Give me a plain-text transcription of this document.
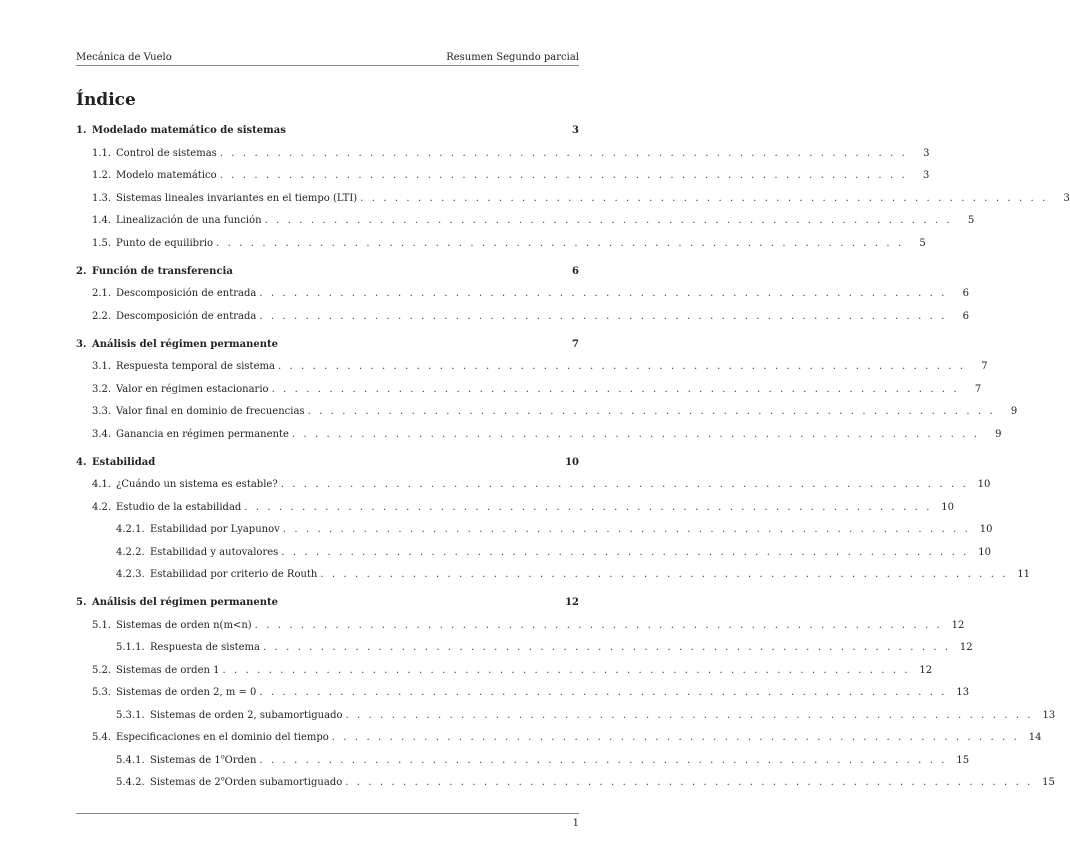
Mecánica de Vuelo	Resumen Segundo parcial
Índice
1. Modelado matemático de sistemas	3
1.1. Control de sistemas . . . . . . . . . . . . . . . . . . . . . . . . . . . . . . . . . . . . . . . . . . . . . . . . . . . . . . . . . . . .	3
1.2. Modelo matemático . . . . . . . . . . . . . . . . . . . . . . . . . . . . . . . . . . . . . . . . . . . . . . . . . . . . . . . . . . . .	3
1.3. Sistemas lineales invariantes en el tiempo (LTI) . . . . . . . . . . . . . . . . . . . . . . . . . . . . . . . . . . . . . . . . . . . . . . . . . . . . . . . . . . . .	3
1.4. Linealización de una función . . . . . . . . . . . . . . . . . . . . . . . . . . . . . . . . . . . . . . . . . . . . . . . . . . . . . . . . . . . .	5
1.5. Punto de equilibrio . . . . . . . . . . . . . . . . . . . . . . . . . . . . . . . . . . . . . . . . . . . . . . . . . . . . . . . . . . . .	5
2. Función de transferencia	6
2.1. Descomposición de entrada . . . . . . . . . . . . . . . . . . . . . . . . . . . . . . . . . . . . . . . . . . . . . . . . . . . . . . . . . . . .	6
2.2. Descomposición de entrada . . . . . . . . . . . . . . . . . . . . . . . . . . . . . . . . . . . . . . . . . . . . . . . . . . . . . . . . . . . .	6
3. Análisis del régimen permanente	7
3.1. Respuesta temporal de sistema . . . . . . . . . . . . . . . . . . . . . . . . . . . . . . . . . . . . . . . . . . . . . . . . . . . . . . . . . . . .	7
3.2. Valor en régimen estacionario . . . . . . . . . . . . . . . . . . . . . . . . . . . . . . . . . . . . . . . . . . . . . . . . . . . . . . . . . . . .	7
3.3. Valor final en dominio de frecuencias . . . . . . . . . . . . . . . . . . . . . . . . . . . . . . . . . . . . . . . . . . . . . . . . . . . . . . . . . . . .	9
3.4. Ganancia en régimen permanente . . . . . . . . . . . . . . . . . . . . . . . . . . . . . . . . . . . . . . . . . . . . . . . . . . . . . . . . . . . .	9
4. Estabilidad	10
4.1. ¿Cuándo un sistema es estable? . . . . . . . . . . . . . . . . . . . . . . . . . . . . . . . . . . . . . . . . . . . . . . . . . . . . . . . . . . . . 10
4.2. Estudio de la estabilidad . . . . . . . . . . . . . . . . . . . . . . . . . . . . . . . . . . . . . . . . . . . . . . . . . . . . . . . . . . . . 10
4.2.1. Estabilidad por Lyapunov . . . . . . . . . . . . . . . . . . . . . . . . . . . . . . . . . . . . . . . . . . . . . . . . . . . . . . . . . . . . 10
4.2.2. Estabilidad y autovalores . . . . . . . . . . . . . . . . . . . . . . . . . . . . . . . . . . . . . . . . . . . . . . . . . . . . . . . . . . . . 10
4.2.3. Estabilidad por criterio de Routh . . . . . . . . . . . . . . . . . . . . . . . . . . . . . . . . . . . . . . . . . . . . . . . . . . . . . . . . . . . . 11
5. Análisis del régimen permanente	12
5.1. Sistemas de orden n(m<n) . . . . . . . . . . . . . . . . . . . . . . . . . . . . . . . . . . . . . . . . . . . . . . . . . . . . . . . . . . . . 12
5.1.1. Respuesta de sistema . . . . . . . . . . . . . . . . . . . . . . . . . . . . . . . . . . . . . . . . . . . . . . . . . . . . . . . . . . . . 12
5.2. Sistemas de orden 1 . . . . . . . . . . . . . . . . . . . . . . . . . . . . . . . . . . . . . . . . . . . . . . . . . . . . . . . . . . . . 12
5.3. Sistemas de orden 2, m = 0 . . . . . . . . . . . . . . . . . . . . . . . . . . . . . . . . . . . . . . . . . . . . . . . . . . . . . . . . . . . . 13
5.3.1. Sistemas de orden 2, subamortiguado . . . . . . . . . . . . . . . . . . . . . . . . . . . . . . . . . . . . . . . . . . . . . . . . . . . . . . . . . . . . 13
5.4. Especificaciones en el dominio del tiempo . . . . . . . . . . . . . . . . . . . . . . . . . . . . . . . . . . . . . . . . . . . . . . . . . . . . . . . . . . . . 14
5.4.1. Sistemas de 1$^o$Orden . . . . . . . . . . . . . . . . . . . . . . . . . . . . . . . . . . . . . . . . . . . . . . . . . . . . . . . . . . . . 15
5.4.2. Sistemas de 2$^o$Orden subamortiguado . . . . . . . . . . . . . . . . . . . . . . . . . . . . . . . . . . . . . . . . . . . . . . . . . . . . . . . . . . . . 15
1
